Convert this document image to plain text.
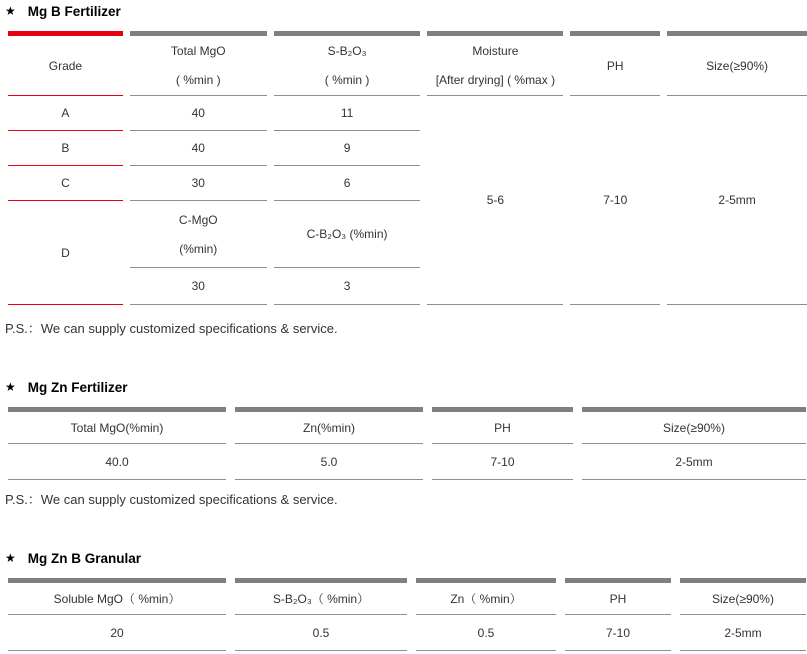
★ Mg B Fertilizer
Grade
A
B
C
D
Total MgO
( %min )
40
40
30
C-MgO
(%min)
30
S-B₂O₃
( %min )
11
9
6
C-B₂O₃ (%min)
3
Moisture
[After drying] ( %max )
5-6
PH
7-10
Size(≥90%)
2-5mm
P.S.：We can supply customized specifications & service.
★ Mg Zn Fertilizer
Total MgO(%min)
40.0
Zn(%min)
5.0
PH
7-10
Size(≥90%)
2-5mm
P.S.：We can supply customized specifications & service.
★ Mg Zn B Granular
Soluble MgO（ %min）
20
S-B₂O₃（ %min）
0.5
Zn（ %min）
0.5
PH
7-10
Size(≥90%)
2-5mm
